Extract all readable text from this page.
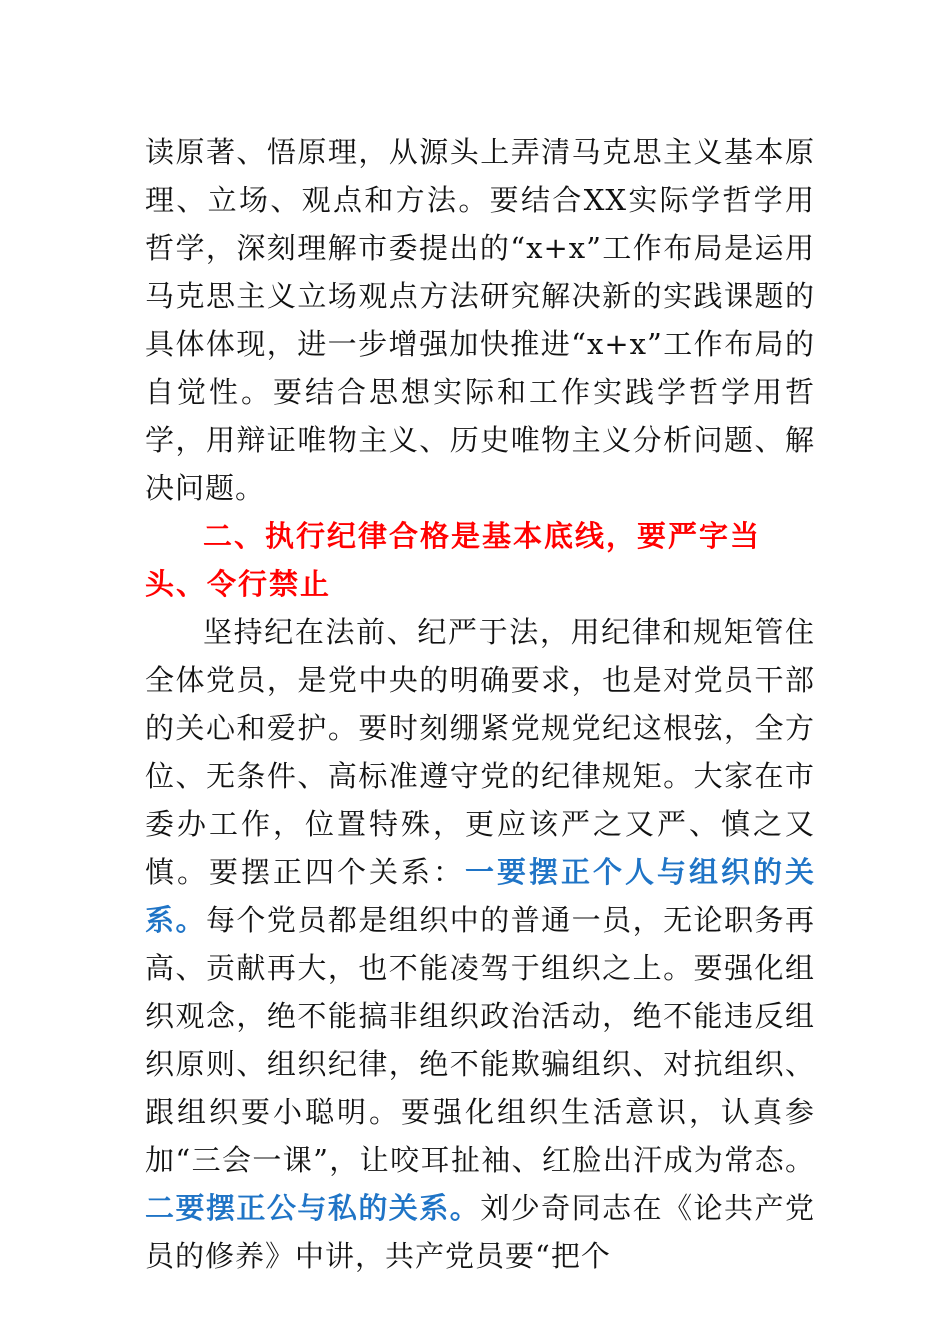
读原著、悟原理，从源头上弄清马克思主义基本原理、立场、观点和方法。要结合XX实际学哲学用哲学，深刻理解市委提出的“x+x”工作布局是运用马克思主义立场观点方法研究解决新的实践课题的具体体现，进一步增强加快推进“x+x”工作布局的自觉性。要结合思想实际和工作实践学哲学用哲学，用辩证唯物主义、历史唯物主义分析问题、解决问题。

二、执行纪律合格是基本底线，要严字当头、令行禁止

坚持纪在法前、纪严于法，用纪律和规矩管住全体党员，是党中央的明确要求，也是对党员干部的关心和爱护。要时刻绷紧党规党纪这根弦，全方位、无条件、高标准遵守党的纪律规矩。大家在市委办工作，位置特殊，更应该严之又严、慎之又慎。要摆正四个关系：一要摆正个人与组织的关系。每个党员都是组织中的普通一员，无论职务再高、贡献再大，也不能凌驾于组织之上。要强化组织观念，绝不能搞非组织政治活动，绝不能违反组织原则、组织纪律，绝不能欺骗组织、对抗组织、跟组织要小聪明。要强化组织生活意识，认真参加“三会一课”，让咬耳扯袖、红脸出汗成为常态。二要摆正公与私的关系。刘少奇同志在《论共产党员的修养》中讲，共产党员要“把个
